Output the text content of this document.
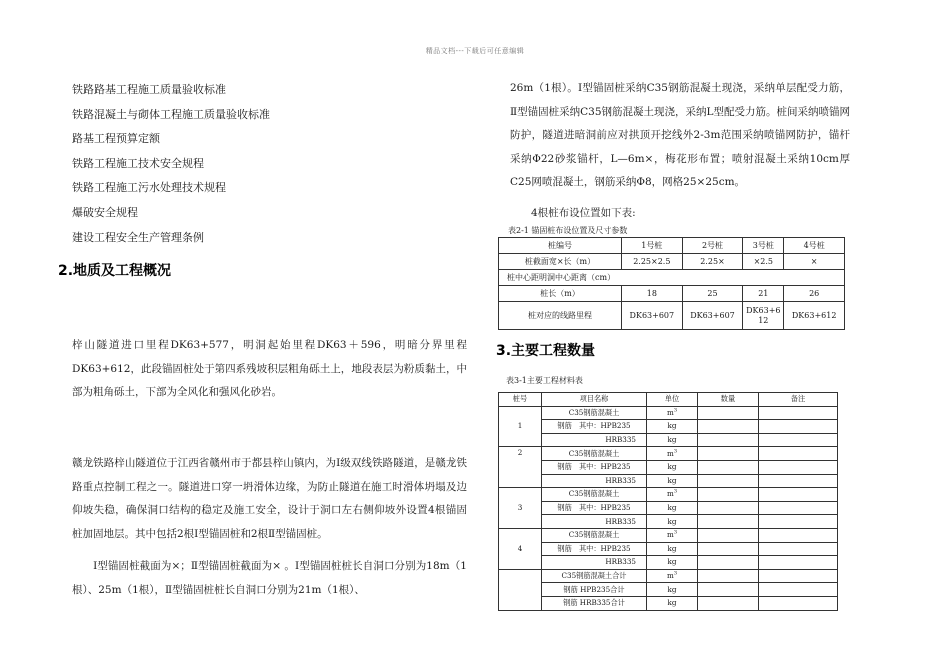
精品文档---下载后可任意编辑
铁路路基工程施工质量验收标准
铁路混凝土与砌体工程施工质量验收标准
路基工程预算定额
铁路工程施工技术安全规程
铁路工程施工污水处理技术规程
爆破安全规程
建设工程安全生产管理条例
2.地质及工程概况
梓山隧道进口里程DK63+577，明洞起始里程DK63＋596，明暗分界里程DK63+612，此段锚固桩处于第四系残坡积层粗角砾土上，地段表层为粉质黏土，中部为粗角砾土，下部为全风化和强风化砂岩。
赣龙铁路梓山隧道位于江西省赣州市于都县梓山镇内，为Ⅰ级双线铁路隧道，是赣龙铁路重点控制工程之一。隧道进口穿一坍滑体边缘，为防止隧道在施工时滑体坍塌及边仰坡失稳，确保洞口结构的稳定及施工安全，设计于洞口左右侧仰坡外设置4根锚固桩加固地层。其中包括2根Ⅰ型锚固桩和2根Ⅱ型锚固桩。
Ⅰ型锚固桩截面为×；Ⅱ型锚固桩截面为× 。Ⅰ型锚固桩桩长自洞口分别为18m（1根）、25m（1根），Ⅱ型锚固桩桩长自洞口分别为21m（1根）、
26m（1根）。Ⅰ型锚固桩采纳C35钢筋混凝土现浇，采纳单层配受力筋，Ⅱ型锚固桩采纳C35钢筋混凝土现浇，采纳L型配受力筋。桩间采纳喷锚网防护，隧道进暗洞前应对拱顶开挖线外2-3m范围采纳喷锚网防护，锚杆采纳Φ22砂浆锚杆，L—6m×，梅花形布置；喷射混凝土采纳10cm厚C25网喷混凝土，钢筋采纳Φ8，网格25×25cm。
4根桩布设位置如下表:
表2-1 锚固桩布设位置及尺寸参数
3.主要工程数量
表3-1主要工程材料表
桩编号	1号桩	2号桩	3号桩	4号桩
桩截面宽×长（m）	2.25×2.5	2.25×	×2.5	×
桩中心距明洞中心距离（cm）				
桩长（m）	18	25	21	26
桩对应的线路里程	DK63+607	DK63+607	DK63+612	DK63+612
桩号	项目名称	单位	数量	备注
1	C35钢筋混凝土	$m^3$		
	钢筋　其中：HPB235	kg		
	HRB335	kg		
2	C35钢筋混凝土	$m^3$		
	钢筋　其中：HPB235	kg		
	HRB335	kg		
3	C35钢筋混凝土	$m^3$		
	钢筋　其中：HPB235	kg		
	HRB335	kg		
4	C35钢筋混凝土	$m^3$		
	钢筋　其中：HPB235	kg		
	HRB335	kg		
	C35钢筋混凝土合计	$m^3$		
	钢筋 HPB235合计	kg		
	钢筋 HRB335合计	kg		
